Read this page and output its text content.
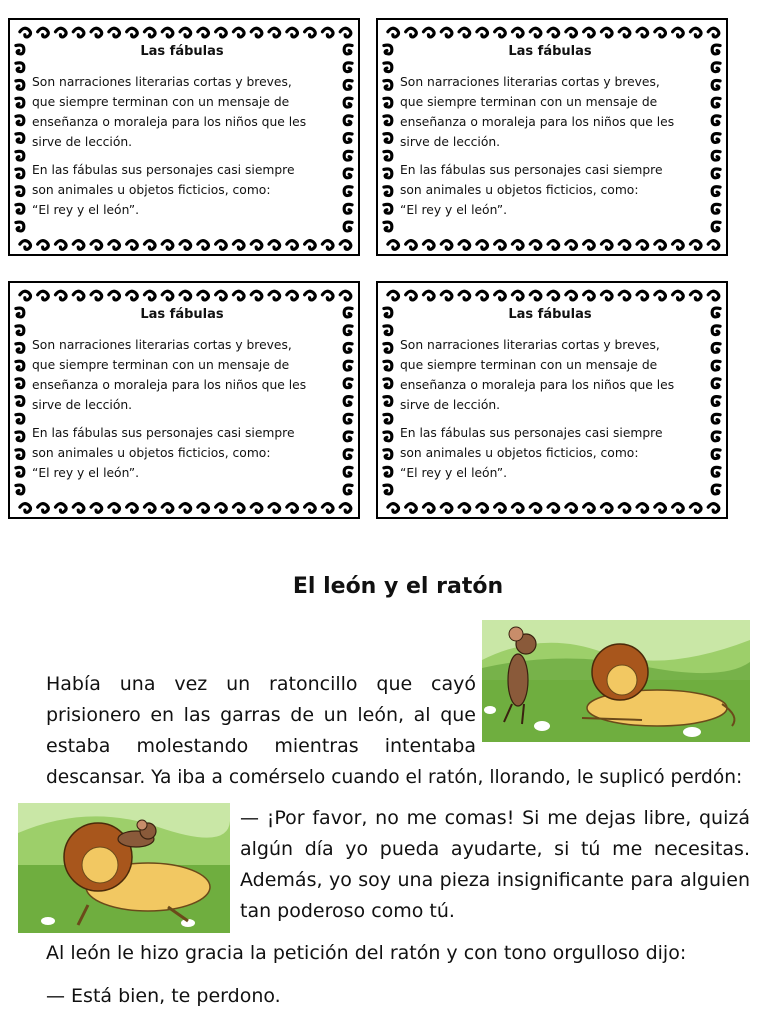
Las fábulas
Son narraciones literarias cortas y breves,
que siempre terminan con un mensaje de
enseñanza o moraleja para los niños que les
sirve de lección.
En las fábulas sus personajes casi siempre
son animales u objetos ficticios, como:
“El rey y el león”.
Las fábulas
Son narraciones literarias cortas y breves,
que siempre terminan con un mensaje de
enseñanza o moraleja para los niños que les
sirve de lección.
En las fábulas sus personajes casi siempre
son animales u objetos ficticios, como:
“El rey y el león”.
Las fábulas
Son narraciones literarias cortas y breves,
que siempre terminan con un mensaje de
enseñanza o moraleja para los niños que les
sirve de lección.
En las fábulas sus personajes casi siempre
son animales u objetos ficticios, como:
“El rey y el león”.
Las fábulas
Son narraciones literarias cortas y breves,
que siempre terminan con un mensaje de
enseñanza o moraleja para los niños que les
sirve de lección.
En las fábulas sus personajes casi siempre
son animales u objetos ficticios, como:
“El rey y el león”.
El león y el ratón
Había una vez un ratoncillo que cayó
prisionero en las garras de un león, al que
estaba molestando mientras intentaba
descansar. Ya iba a comérselo cuando el ratón, llorando, le suplicó perdón:
— ¡Por favor, no me comas! Si me dejas libre, quizá
algún día yo pueda ayudarte, si tú me necesitas.
Además, yo soy una pieza insignificante para alguien
tan poderoso como tú.
Al león le hizo gracia la petición del ratón y con tono orgulloso dijo:
— Está bien, te perdono.
